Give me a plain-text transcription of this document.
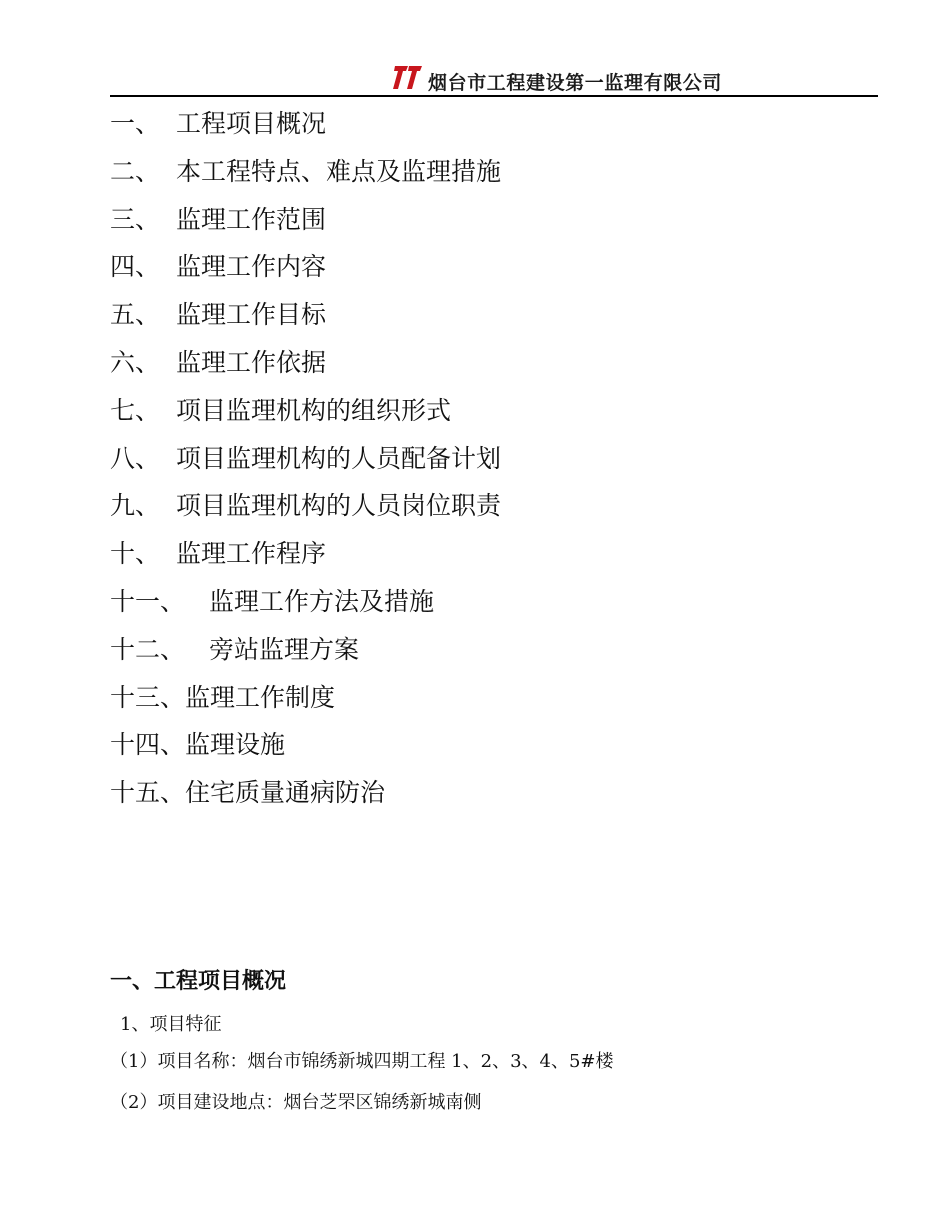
烟台市工程建设第一监理有限公司
一、 工程项目概况
二、 本工程特点、难点及监理措施
三、 监理工作范围
四、 监理工作内容
五、 监理工作目标
六、 监理工作依据
七、 项目监理机构的组织形式
八、 项目监理机构的人员配备计划
九、 项目监理机构的人员岗位职责
十、 监理工作程序
十一、 监理工作方法及措施
十二、 旁站监理方案
十三、 监理工作制度
十四、 监理设施
十五、 住宅质量通病防治
一、工程项目概况
1、项目特征
（1）项目名称：烟台市锦绣新城四期工程 1、2、3、4、5#楼
（2）项目建设地点：烟台芝罘区锦绣新城南侧
